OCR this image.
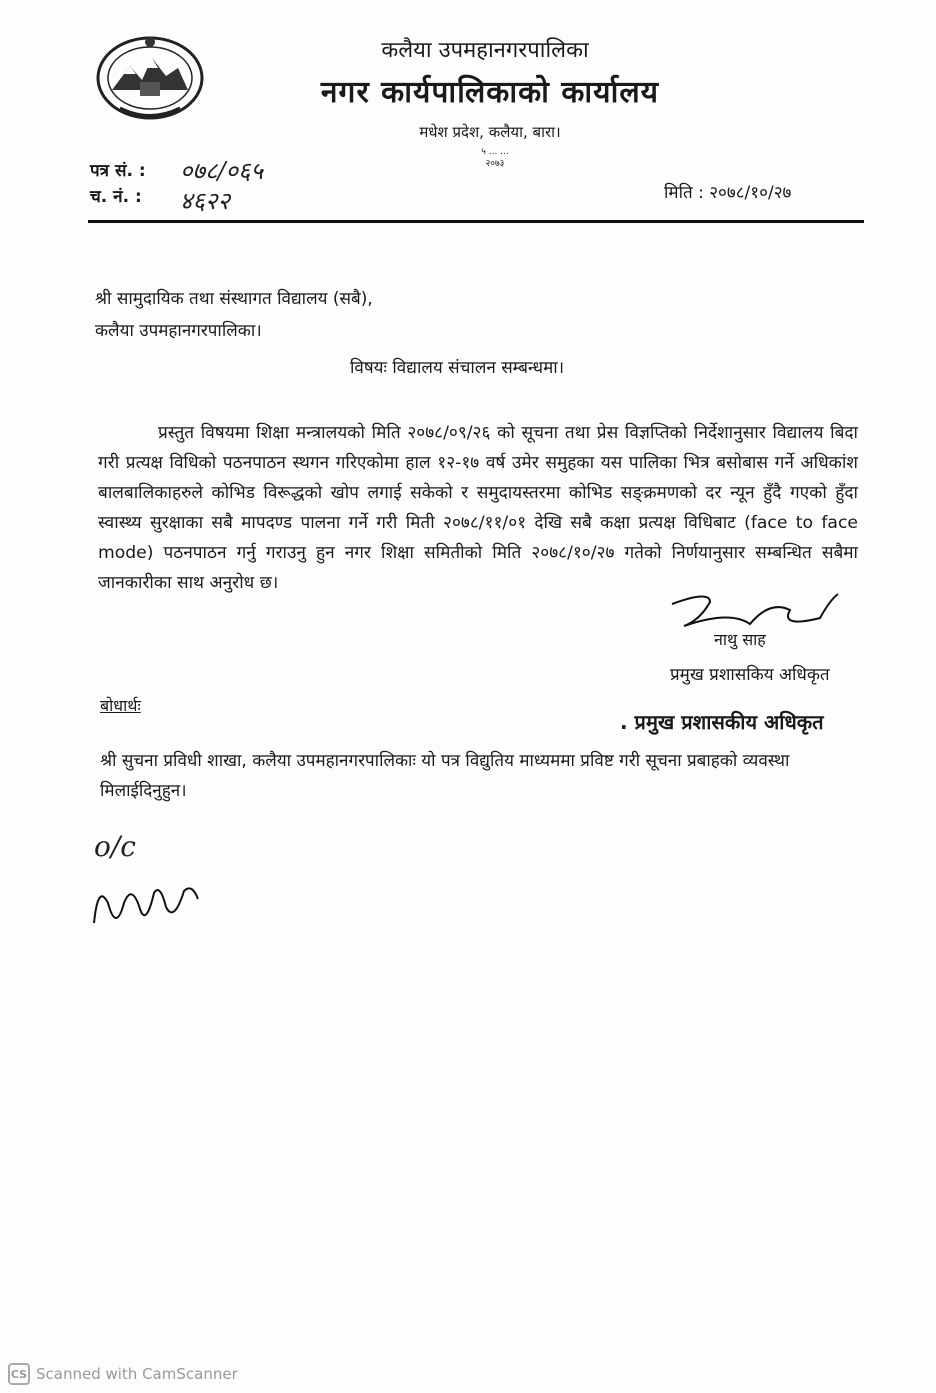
कलैया उपमहानगरपालिका
नगर कार्यपालिकाको कार्यालय
मधेश प्रदेश, कलैया, बारा।
५ ... ...
२०७३
पत्र सं. : ०७८/०६५
च. नं. : ४६२२	मिति : २०७८/१०/२७
श्री सामुदायिक तथा संस्थागत विद्यालय (सबै),
कलैया उपमहानगरपालिका।
विषयः विद्यालय संचालन सम्बन्धमा।
प्रस्तुत विषयमा शिक्षा मन्त्रालयको मिति २०७८/०९/२६ को सूचना तथा प्रेस विज्ञप्तिको निर्देशानुसार विद्यालय बिदा गरी प्रत्यक्ष विधिको पठनपाठन स्थगन गरिएकोमा हाल १२-१७ वर्ष उमेर समुहका यस पालिका भित्र बसोबास गर्ने अधिकांश बालबालिकाहरुले कोभिड विरूद्धको खोप लगाई सकेको र समुदायस्तरमा कोभिड सङ्क्रमणको दर न्यून हुँदै गएको हुँदा स्वास्थ्य सुरक्षाका सबै मापदण्ड पालना गर्ने गरी मिती २०७८/११/०१ देखि सबै कक्षा प्रत्यक्ष विधिबाट (face to face mode) पठनपाठन गर्नु गराउनु हुन नगर शिक्षा समितीको मिति २०७८/१०/२७ गतेको निर्णयानुसार सम्बन्धित सबैमा जानकारीका साथ अनुरोध छ।
नाथु साह
प्रमुख प्रशासकिय अधिकृत
बोधार्थः
. प्रमुख प्रशासकीय अधिकृत
श्री सुचना प्रविधी शाखा, कलैया उपमहानगरपालिकाः यो पत्र विद्युतिय माध्यममा प्रविष्ट गरी सूचना प्रबाहको व्यवस्था मिलाईदिनुहुन।
o/c
CS Scanned with CamScanner
